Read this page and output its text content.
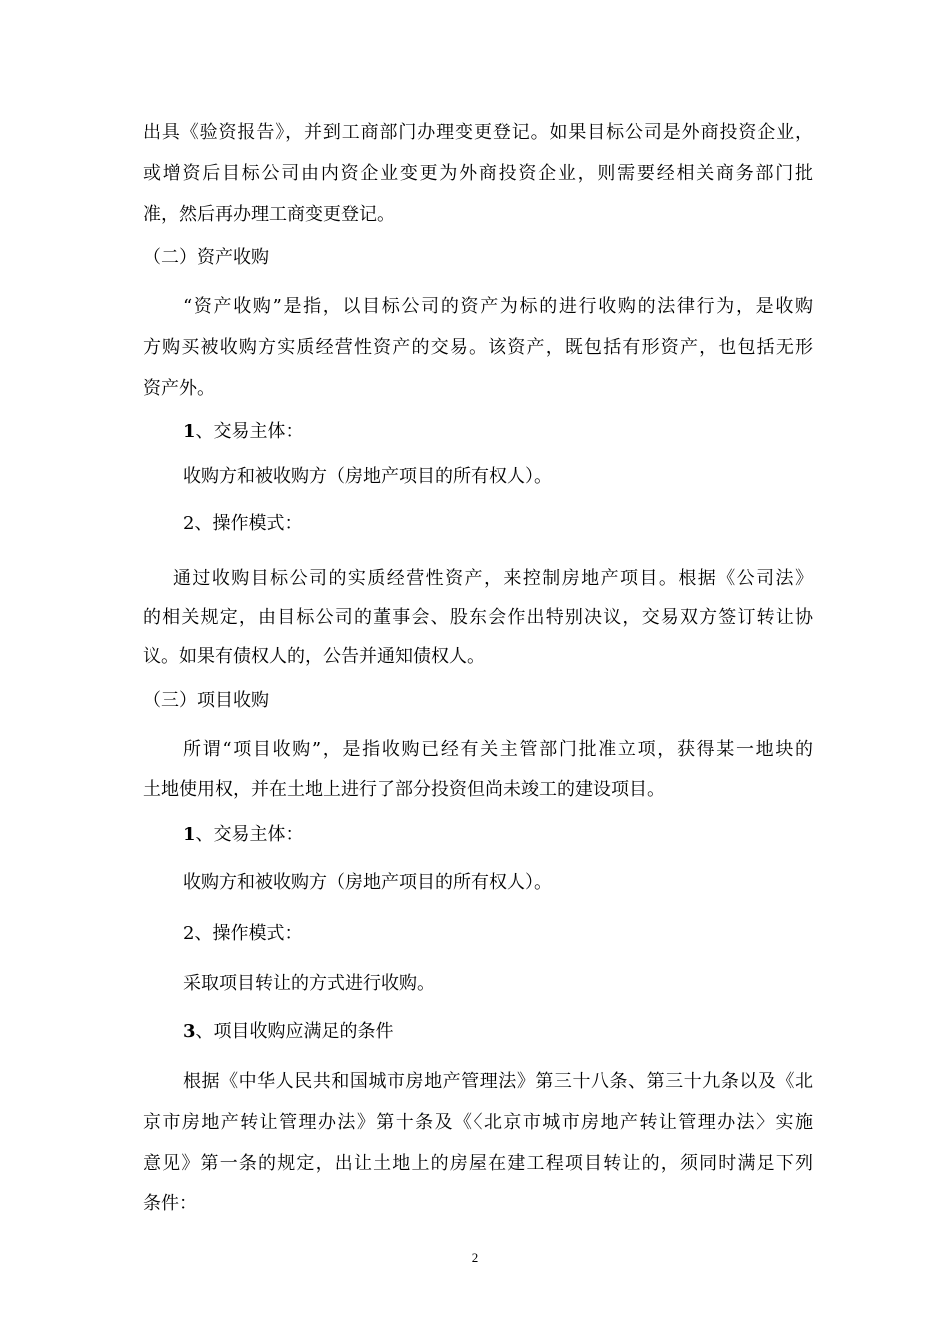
出具《验资报告》，并到工商部门办理变更登记。如果目标公司是外商投资企业，
或增资后目标公司由内资企业变更为外商投资企业，则需要经相关商务部门批
准，然后再办理工商变更登记。
（二）资产收购
“资产收购”是指，以目标公司的资产为标的进行收购的法律行为，是收购
方购买被收购方实质经营性资产的交易。该资产，既包括有形资产，也包括无形
资产外。
1、交易主体：
收购方和被收购方（房地产项目的所有权人）。
2、操作模式：
通过收购目标公司的实质经营性资产，来控制房地产项目。根据《公司法》
的相关规定，由目标公司的董事会、股东会作出特别决议，交易双方签订转让协
议。如果有债权人的，公告并通知债权人。
（三）项目收购
所谓“项目收购”，是指收购已经有关主管部门批准立项，获得某一地块的
土地使用权，并在土地上进行了部分投资但尚未竣工的建设项目。
1、交易主体：
收购方和被收购方（房地产项目的所有权人）。
2、操作模式：
采取项目转让的方式进行收购。
3、项目收购应满足的条件
根据《中华人民共和国城市房地产管理法》第三十八条、第三十九条以及《北
京市房地产转让管理办法》第十条及《〈北京市城市房地产转让管理办法〉实施
意见》第一条的规定，出让土地上的房屋在建工程项目转让的，须同时满足下列
条件：
2
